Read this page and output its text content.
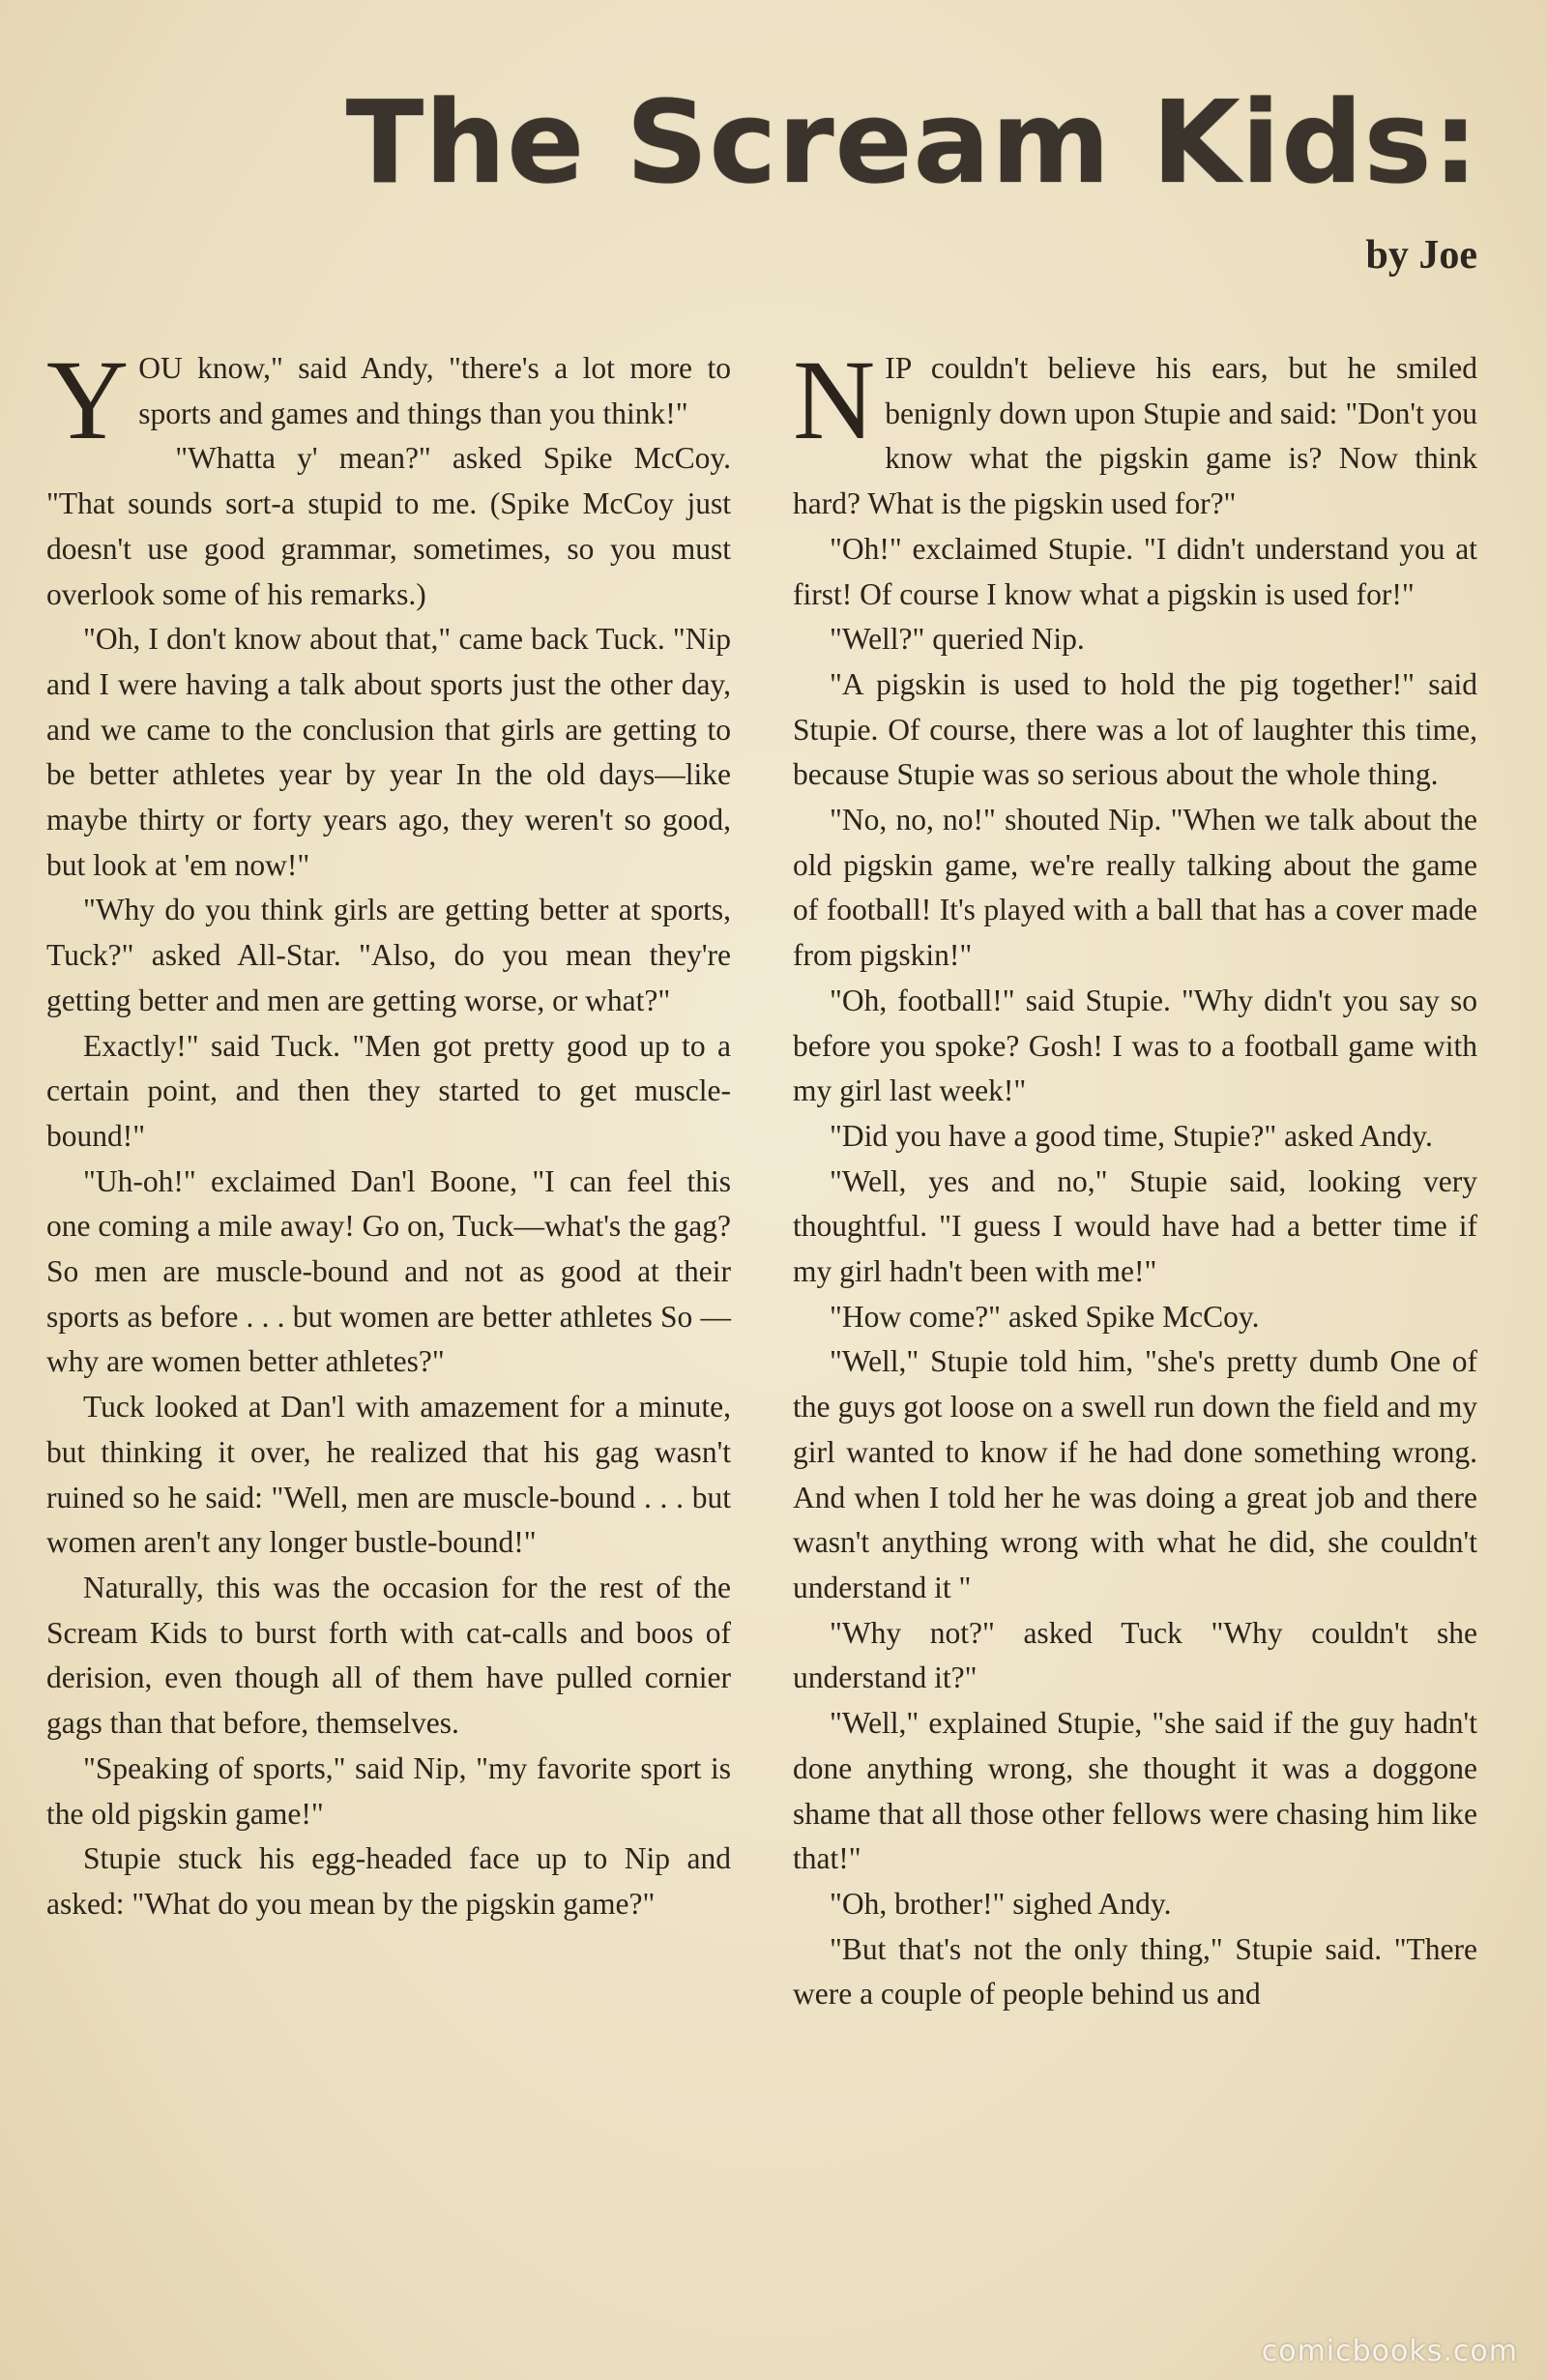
The Scream Kids:
by Joe

YOU know," said Andy, "there's a lot more to sports and games and things than you think!"

"Whatta y' mean?" asked Spike McCoy. "That sounds sort-a stupid to me. (Spike McCoy just doesn't use good grammar, sometimes, so you must overlook some of his remarks.)

"Oh, I don't know about that," came back Tuck. "Nip and I were having a talk about sports just the other day, and we came to the conclusion that girls are getting to be better athletes year by year In the old days—like maybe thirty or forty years ago, they weren't so good, but look at 'em now!"

"Why do you think girls are getting better at sports, Tuck?" asked All-Star. "Also, do you mean they're getting better and men are getting worse, or what?"

Exactly!" said Tuck. "Men got pretty good up to a certain point, and then they started to get muscle-bound!"

"Uh-oh!" exclaimed Dan'l Boone, "I can feel this one coming a mile away! Go on, Tuck—what's the gag? So men are muscle-bound and not as good at their sports as before . . . but women are better athletes So —why are women better athletes?"

Tuck looked at Dan'l with amazement for a minute, but thinking it over, he realized that his gag wasn't ruined so he said: "Well, men are muscle-bound . . . but women aren't any longer bustle-bound!"

Naturally, this was the occasion for the rest of the Scream Kids to burst forth with cat-calls and boos of derision, even though all of them have pulled cornier gags than that before, themselves.

"Speaking of sports," said Nip, "my favorite sport is the old pigskin game!"

Stupie stuck his egg-headed face up to Nip and asked: "What do you mean by the pigskin game?"

NIP couldn't believe his ears, but he smiled benignly down upon Stupie and said: "Don't you know what the pigskin game is? Now think hard? What is the pigskin used for?"

"Oh!" exclaimed Stupie. "I didn't understand you at first! Of course I know what a pigskin is used for!"

"Well?" queried Nip.

"A pigskin is used to hold the pig together!" said Stupie. Of course, there was a lot of laughter this time, because Stupie was so serious about the whole thing.

"No, no, no!" shouted Nip. "When we talk about the old pigskin game, we're really talking about the game of football! It's played with a ball that has a cover made from pigskin!"

"Oh, football!" said Stupie. "Why didn't you say so before you spoke? Gosh! I was to a football game with my girl last week!"

"Did you have a good time, Stupie?" asked Andy.

"Well, yes and no," Stupie said, looking very thoughtful. "I guess I would have had a better time if my girl hadn't been with me!"

"How come?" asked Spike McCoy.

"Well," Stupie told him, "she's pretty dumb One of the guys got loose on a swell run down the field and my girl wanted to know if he had done something wrong. And when I told her he was doing a great job and there wasn't anything wrong with what he did, she couldn't understand it "

"Why not?" asked Tuck "Why couldn't she understand it?"

"Well," explained Stupie, "she said if the guy hadn't done anything wrong, she thought it was a doggone shame that all those other fellows were chasing him like that!"

"Oh, brother!" sighed Andy.

"But that's not the only thing," Stupie said. "There were a couple of people behind us and

comicbooks.com
